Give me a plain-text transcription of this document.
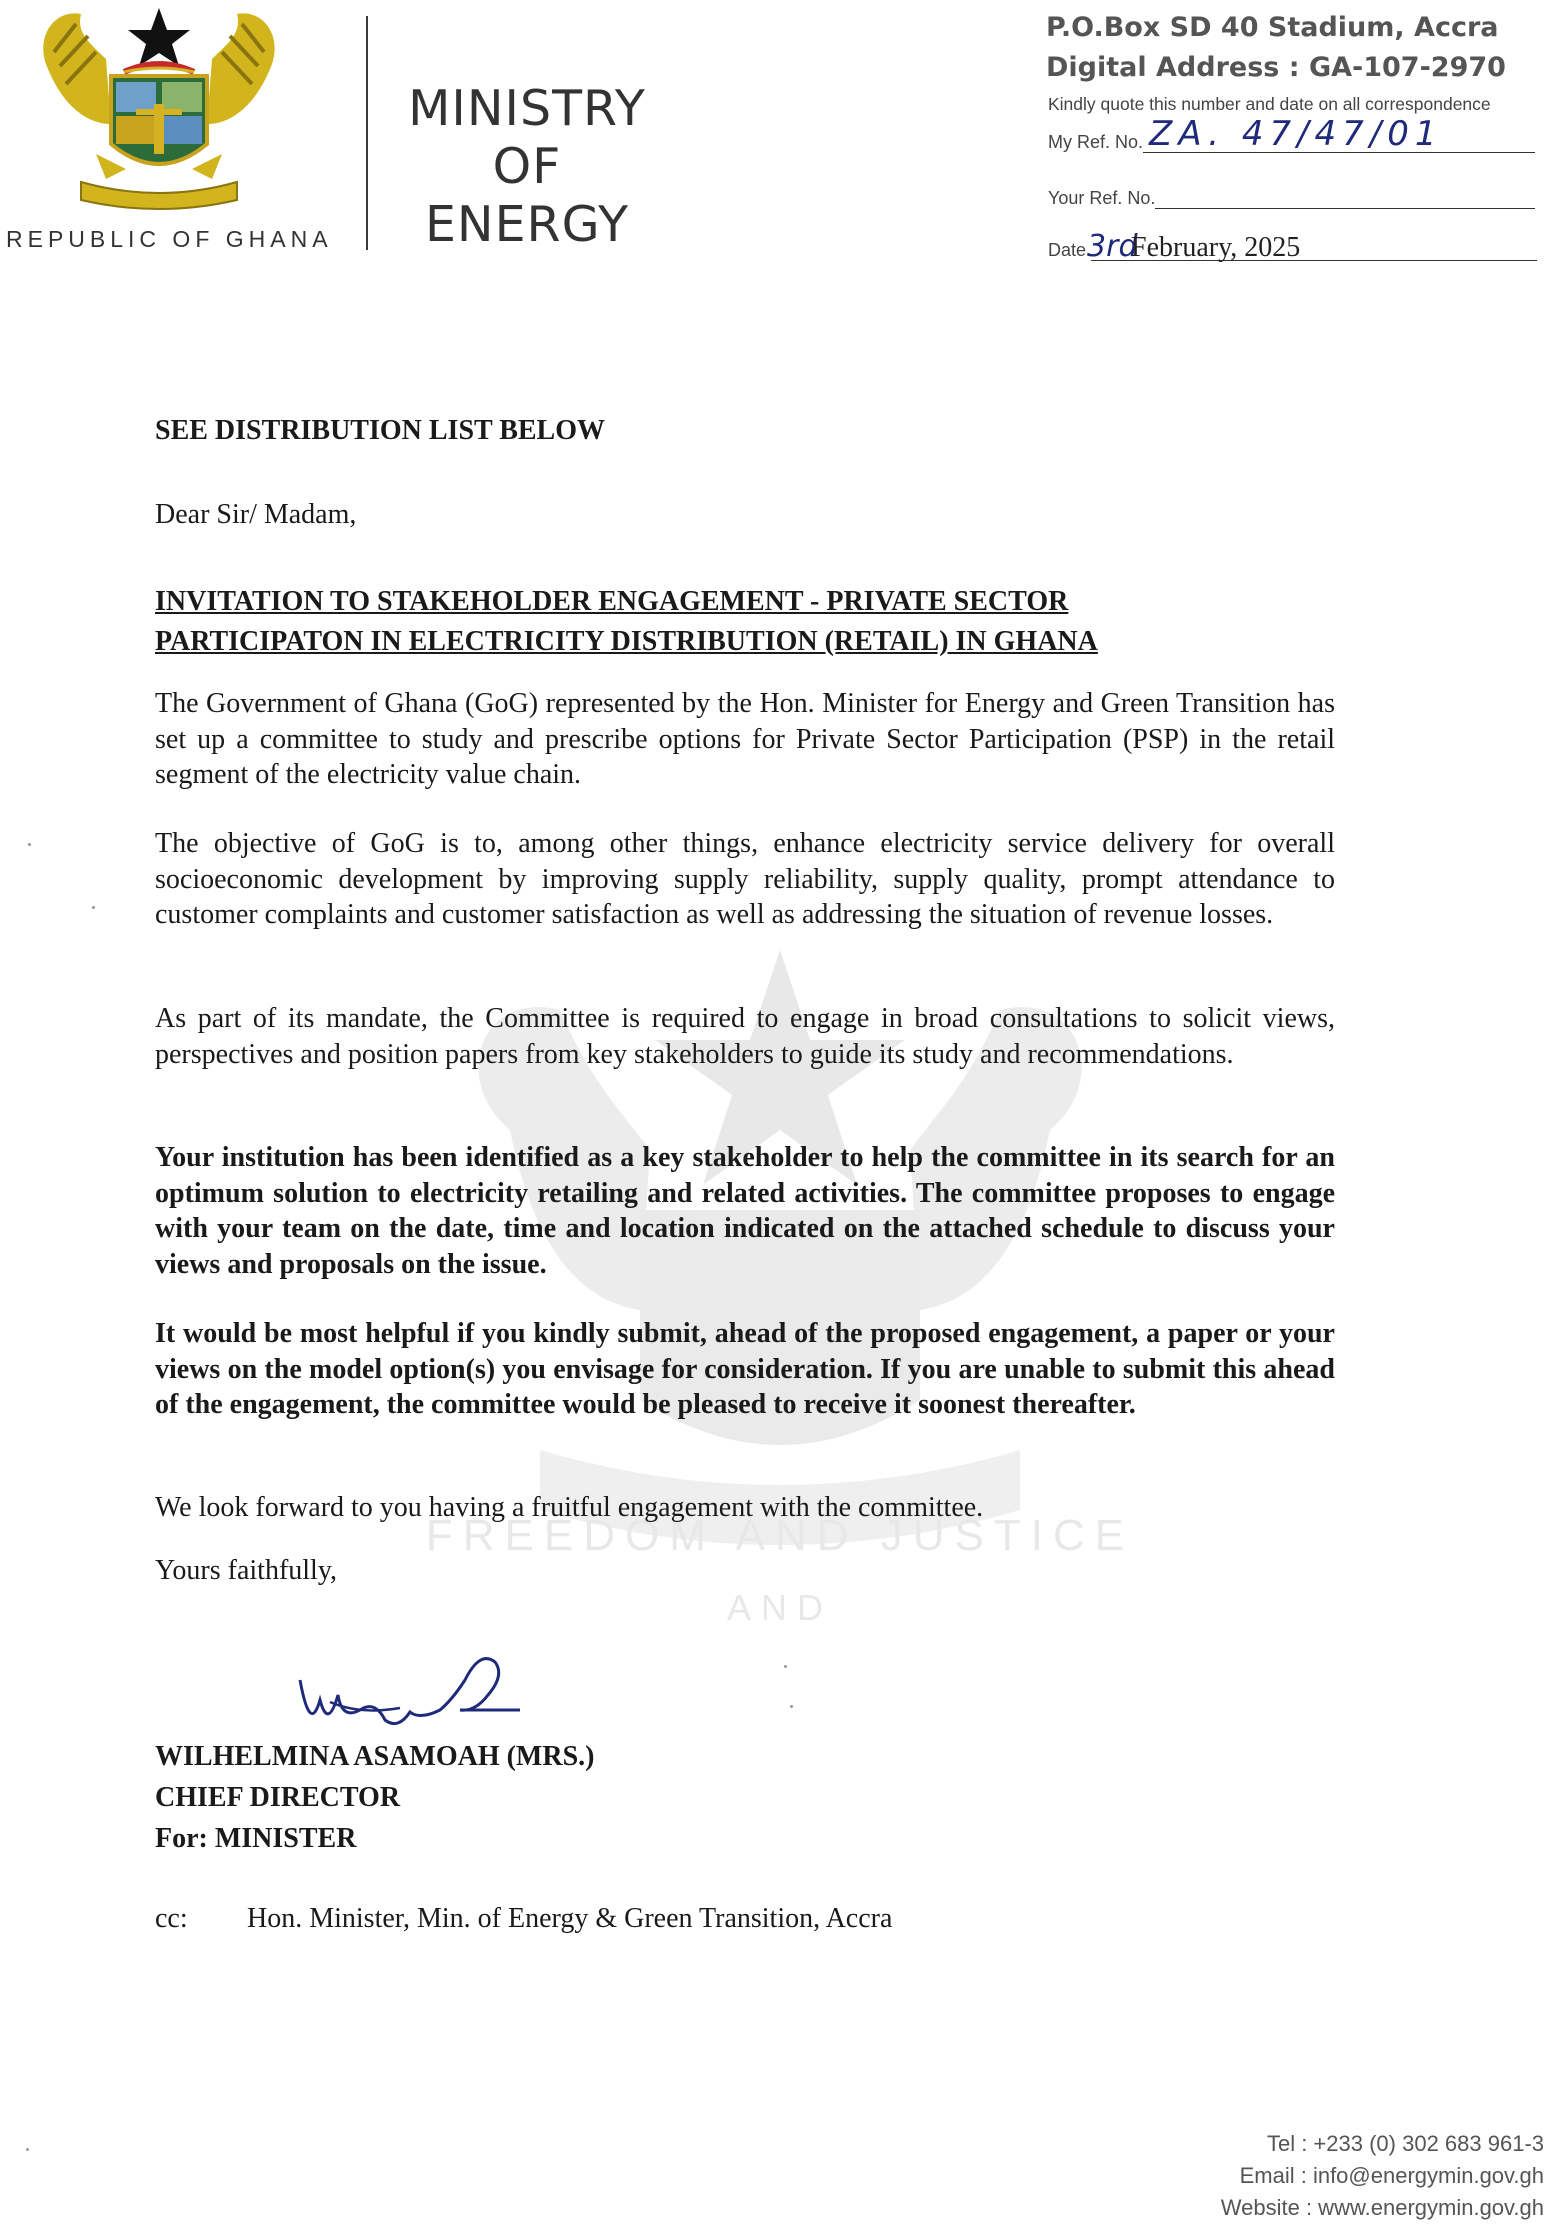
REPUBLIC OF GHANA
MINISTRY
OF
ENERGY
P.O.Box SD 40 Stadium, Accra
Digital Address : GA-107-2970
Kindly quote this number and date on all correspondence
My Ref. No. ZA. 47/47/01
Your Ref. No.
Date.
3rd
February, 2025
FREEDOM AND JUSTICE
AND
SEE DISTRIBUTION LIST BELOW
Dear Sir/ Madam,
INVITATION TO STAKEHOLDER ENGAGEMENT - PRIVATE SECTOR
PARTICIPATON IN ELECTRICITY DISTRIBUTION (RETAIL) IN GHANA
The Government of Ghana (GoG) represented by the Hon. Minister for Energy and Green Transition has set up a committee to study and prescribe options for Private Sector Participation (PSP) in the retail segment of the electricity value chain.
The objective of GoG is to, among other things, enhance electricity service delivery for overall socioeconomic development by improving supply reliability, supply quality, prompt attendance to customer complaints and customer satisfaction as well as addressing the situation of revenue losses.
As part of its mandate, the Committee is required to engage in broad consultations to solicit views, perspectives and position papers from key stakeholders to guide its study and recommendations.
Your institution has been identified as a key stakeholder to help the committee in its search for an optimum solution to electricity retailing and related activities. The committee proposes to engage with your team on the date, time and location indicated on the attached schedule to discuss your views and proposals on the issue.
It would be most helpful if you kindly submit, ahead of the proposed engagement, a paper or your views on the model option(s) you envisage for consideration. If you are unable to submit this ahead of the engagement, the committee would be pleased to receive it soonest thereafter.
We look forward to you having a fruitful engagement with the committee.
Yours faithfully,
WILHELMINA ASAMOAH (MRS.)
CHIEF DIRECTOR
For: MINISTER
cc: Hon. Minister, Min. of Energy & Green Transition, Accra
Tel : +233 (0) 302 683 961-3
Email : info@energymin.gov.gh
Website : www.energymin.gov.gh
